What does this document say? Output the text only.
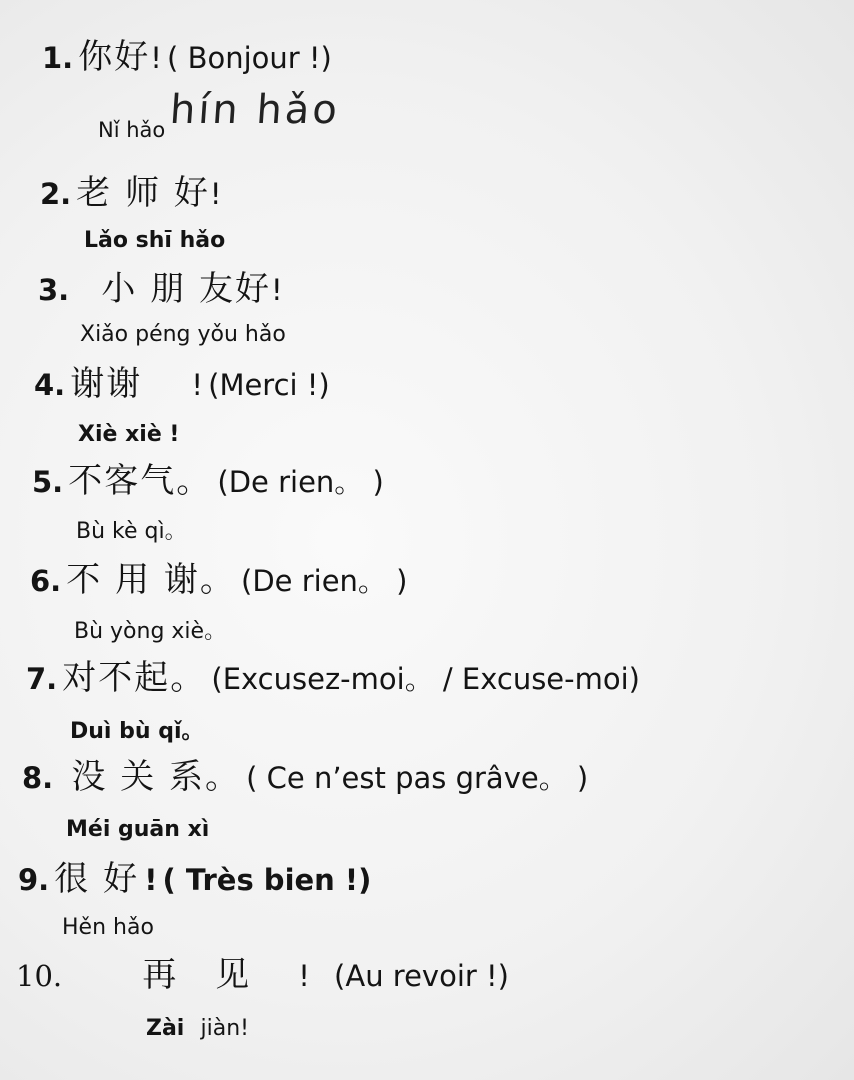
1. 你好! ( Bonjour !)
Nǐ hǎo hín hǎo
2. 老 师 好!
Lǎo shī hǎo
3. 小 朋 友好!
Xiǎo péng yǒu hǎo
4. 谢谢 ! (Merci !)
Xiè xiè !
5. 不客气。 (De rien。 )
Bù kè qì。
6. 不 用 谢。 (De rien。 )
Bù yòng xiè。
7. 对不起。 (Excusez-moi。 / Excuse-moi)
Duì bù qǐ。
8. 没 关 系。 ( Ce n’est pas grâve。 )
Méi guān xì
9. 很 好 ! ( Très bien !)
Hěn hǎo
10. 再 见 ! (Au revoir !)
Zài jiàn!
